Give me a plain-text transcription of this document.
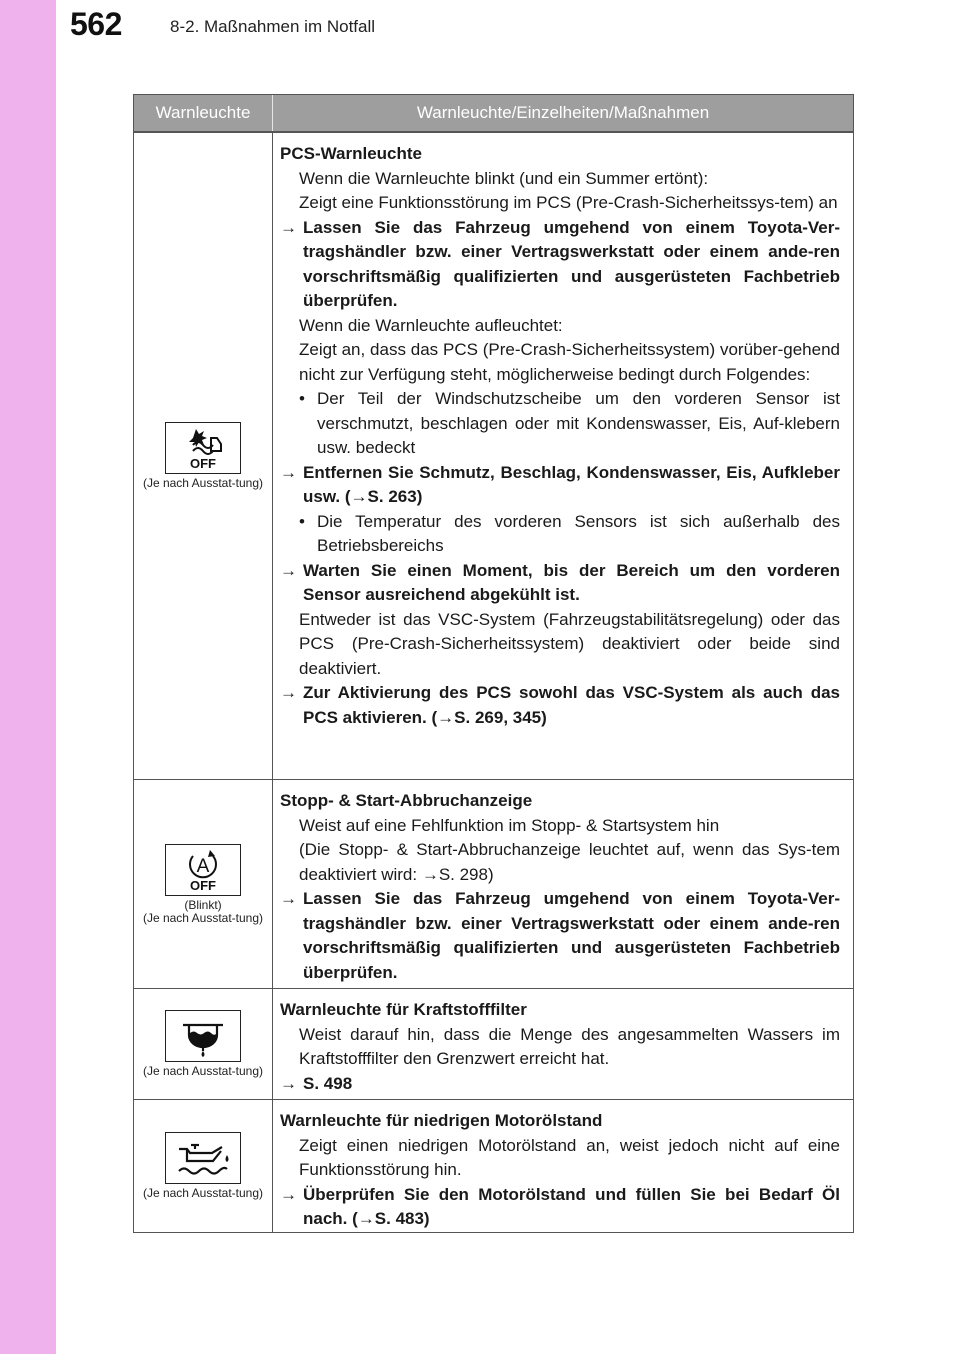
562	8-2. Maßnahmen im Notfall
Warnleuchte	Warnleuchte/Einzelheiten/Maßnahmen
OFF
(Je nach Ausstat-tung)
PCS-Warnleuchte
Wenn die Warnleuchte blinkt (und ein Summer ertönt):
Zeigt eine Funktionsstörung im PCS (Pre-Crash-Sicherheitssys-tem) an
→ Lassen Sie das Fahrzeug umgehend von einem Toyota-Ver-tragshändler bzw. einer Vertragswerkstatt oder einem ande-ren vorschriftsmäßig qualifizierten und ausgerüsteten Fachbetrieb überprüfen.
Wenn die Warnleuchte aufleuchtet:
Zeigt an, dass das PCS (Pre-Crash-Sicherheitssystem) vorüber-gehend nicht zur Verfügung steht, möglicherweise bedingt durch Folgendes:
• Der Teil der Windschutzscheibe um den vorderen Sensor ist verschmutzt, beschlagen oder mit Kondenswasser, Eis, Auf-klebern usw. bedeckt
→ Entfernen Sie Schmutz, Beschlag, Kondenswasser, Eis, Aufkleber usw. (→S. 263)
• Die Temperatur des vorderen Sensors ist sich außerhalb des Betriebsbereichs
→ Warten Sie einen Moment, bis der Bereich um den vorderen Sensor ausreichend abgekühlt ist.
Entweder ist das VSC-System (Fahrzeugstabilitätsregelung) oder das PCS (Pre-Crash-Sicherheitssystem) deaktiviert oder beide sind deaktiviert.
→ Zur Aktivierung des PCS sowohl das VSC-System als auch das PCS aktivieren. (→S. 269, 345)
A
OFF
(Blinkt)
(Je nach Ausstat-tung)
Stopp- & Start-Abbruchanzeige
Weist auf eine Fehlfunktion im Stopp- & Startsystem hin
(Die Stopp- & Start-Abbruchanzeige leuchtet auf, wenn das Sys-tem deaktiviert wird: →S. 298)
→ Lassen Sie das Fahrzeug umgehend von einem Toyota-Ver-tragshändler bzw. einer Vertragswerkstatt oder einem ande-ren vorschriftsmäßig qualifizierten und ausgerüsteten Fachbetrieb überprüfen.
(Je nach Ausstat-tung)
Warnleuchte für Kraftstofffilter
Weist darauf hin, dass die Menge des angesammelten Wassers im Kraftstofffilter den Grenzwert erreicht hat.
→ S. 498
(Je nach Ausstat-tung)
Warnleuchte für niedrigen Motorölstand
Zeigt einen niedrigen Motorölstand an, weist jedoch nicht auf eine Funktionsstörung hin.
→ Überprüfen Sie den Motorölstand und füllen Sie bei Bedarf Öl nach. (→S. 483)
